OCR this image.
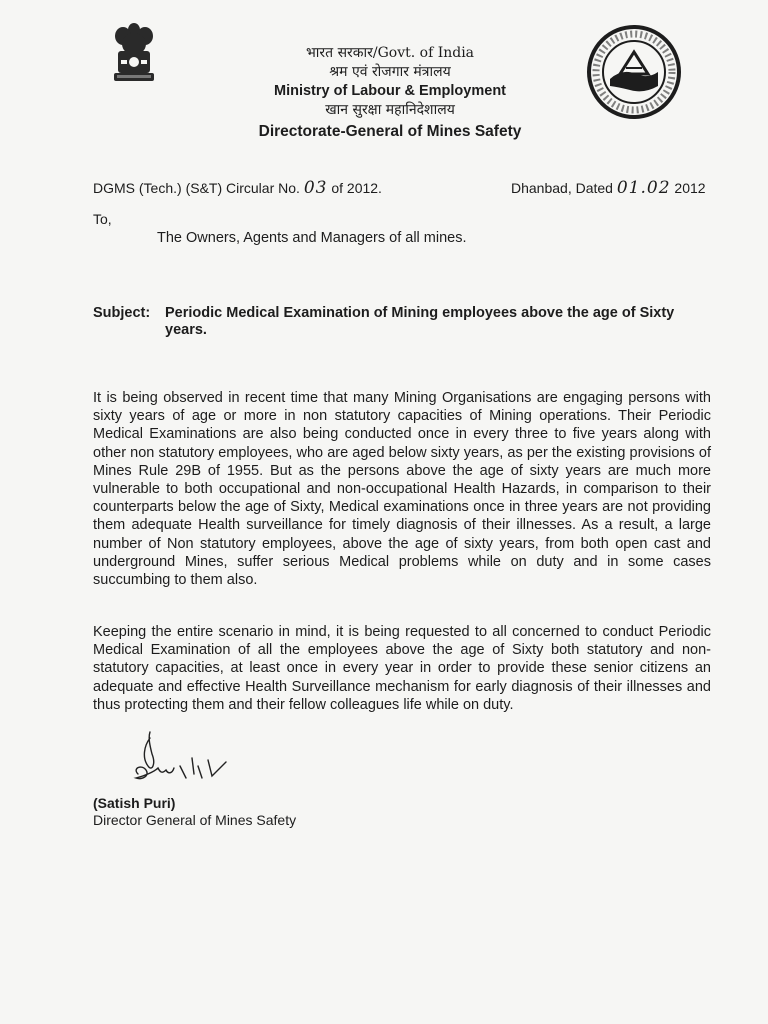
भारत सरकार/Govt. of India
श्रम एवं रोजगार मंत्रालय
Ministry of Labour & Employment
खान सुरक्षा महानिदेशालय
Directorate-General of Mines Safety
DGMS (Tech.) (S&T) Circular No. 03 of 2012.	Dhanbad, Dated 01.02 2012
To,
The Owners, Agents and Managers of all mines.
Subject: Periodic Medical Examination of Mining employees above the age of Sixty years.
It is being observed in recent time that many Mining Organisations are engaging persons with sixty years of age or more in non statutory capacities of Mining operations. Their Periodic Medical Examinations are also being conducted once in every three to five years along with other non statutory employees, who are aged below sixty years, as per the existing provisions of Mines Rule 29B of 1955. But as the persons above the age of sixty years are much more vulnerable to both occupational and non-occupational Health Hazards, in comparison to their counterparts below the age of Sixty, Medical examinations once in three years are not providing them adequate Health surveillance for timely diagnosis of their illnesses. As a result, a large number of Non statutory employees, above the age of sixty years, from both open cast and underground Mines, suffer serious Medical problems while on duty and in some cases succumbing to them also.
Keeping the entire scenario in mind, it is being requested to all concerned to conduct Periodic Medical Examination of all the employees above the age of Sixty both statutory and non-statutory capacities, at least once in every year in order to provide these senior citizens an adequate and effective Health Surveillance mechanism for early diagnosis of their illnesses and thus protecting them and their fellow colleagues life while on duty.
(Satish Puri)
Director General of Mines Safety
